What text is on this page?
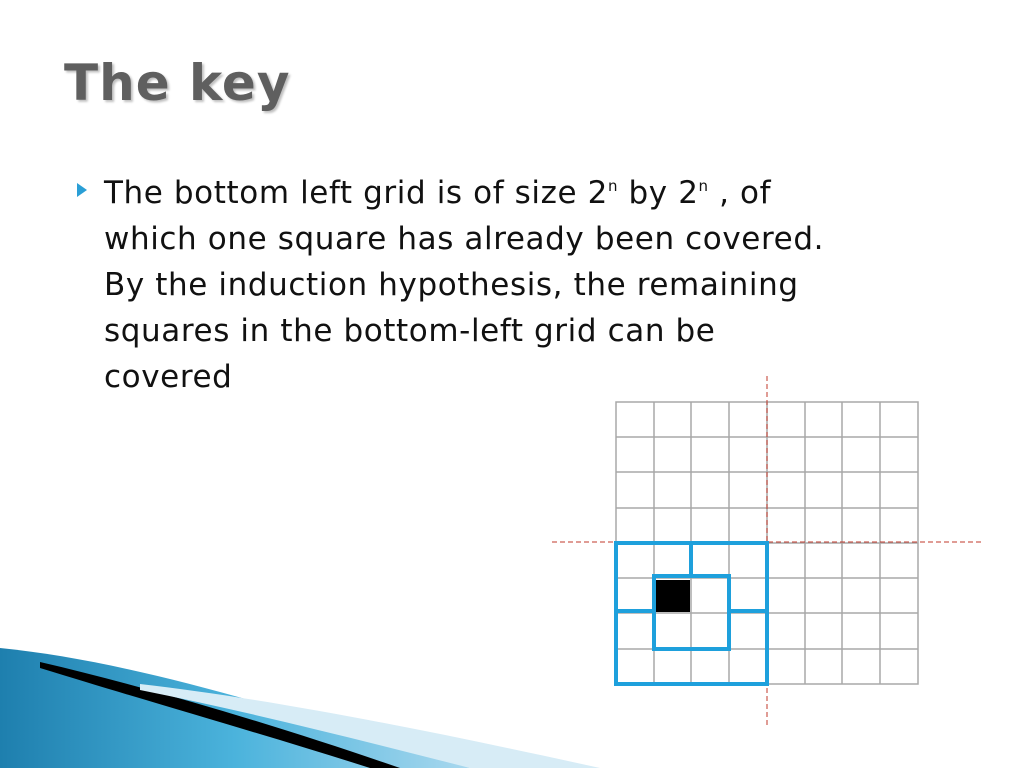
The key

The bottom left grid is of size 2$^n$ by 2$^n$ , of
which one square has already been covered.
By the induction hypothesis, the remaining
squares in the bottom-left grid can be
covered
